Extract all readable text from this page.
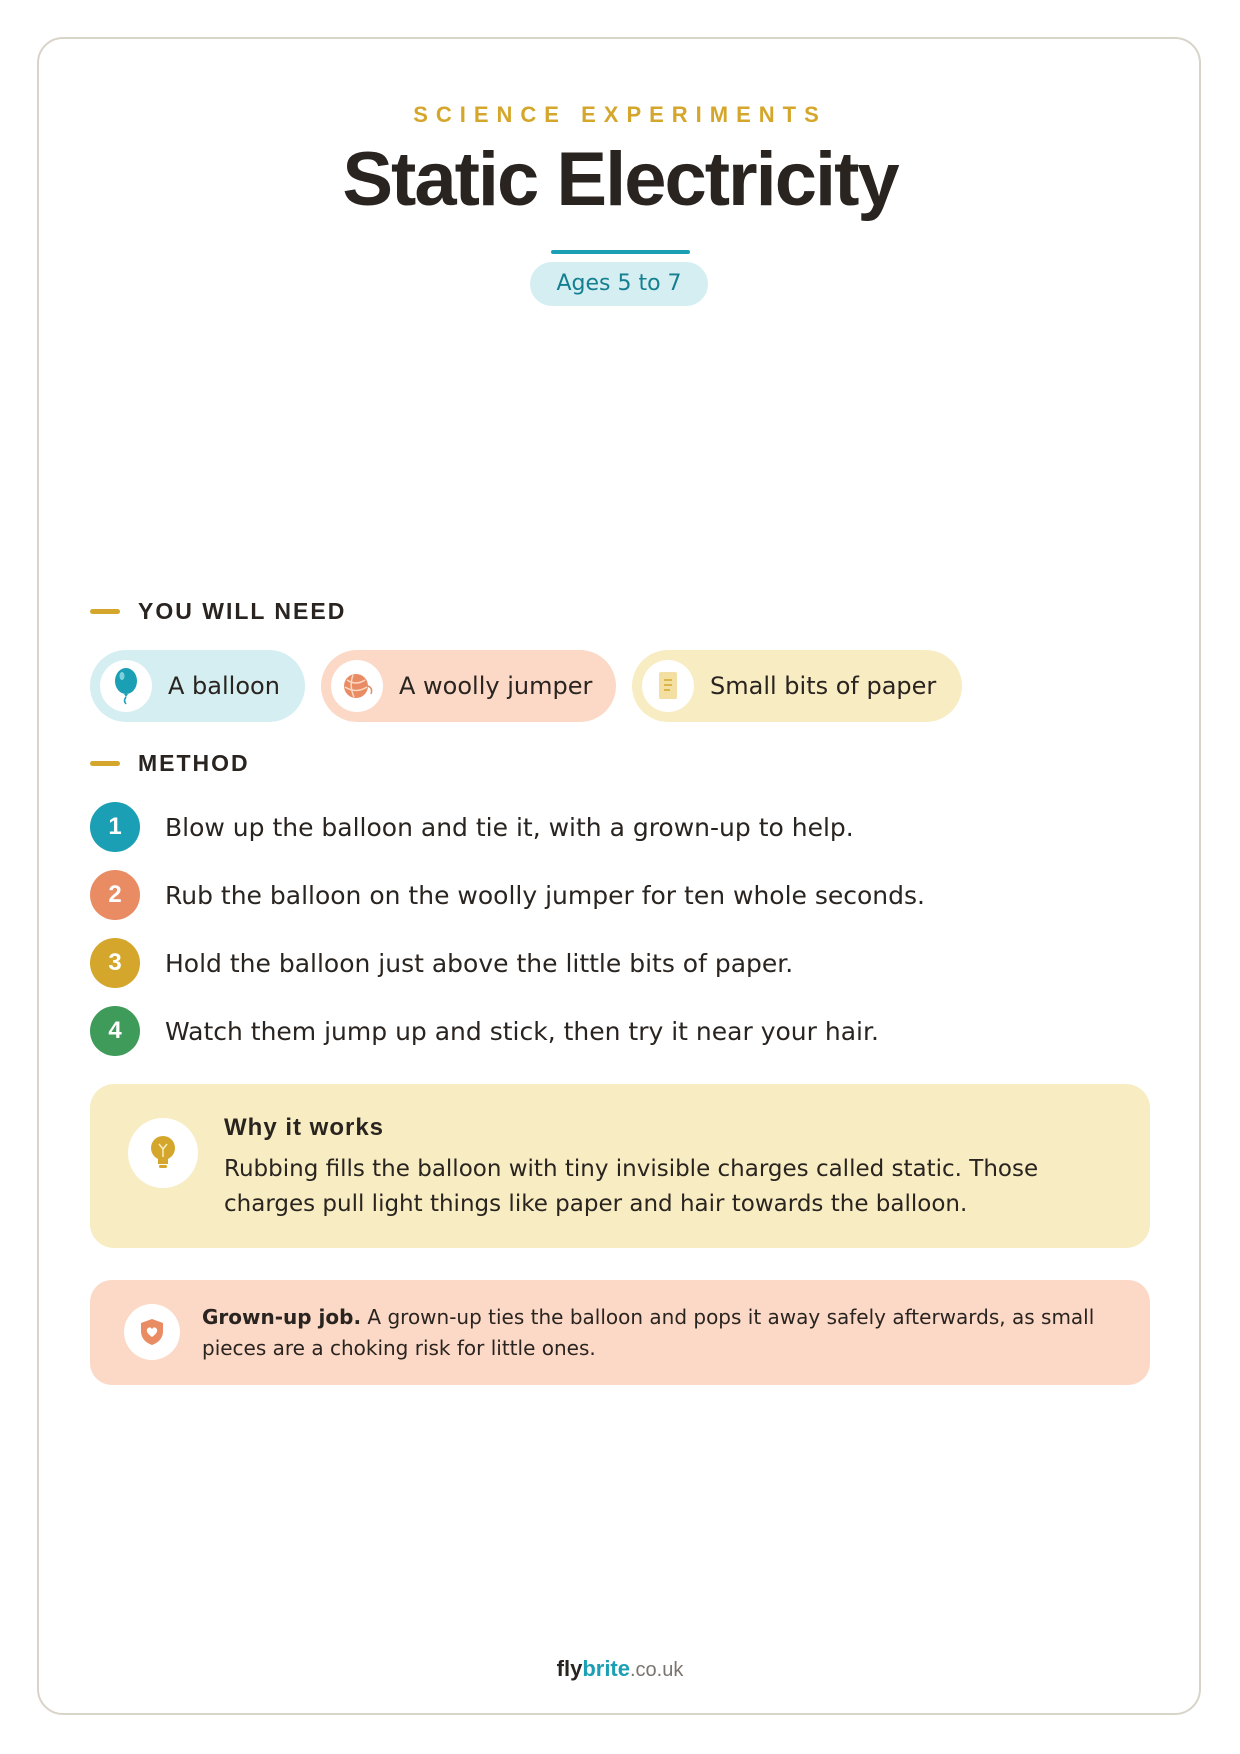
SCIENCE EXPERIMENTS
Static Electricity
Ages 5 to 7
YOU WILL NEED
A balloon	A woolly jumper	Small bits of paper
METHOD
1	Blow up the balloon and tie it, with a grown-up to help.
2	Rub the balloon on the woolly jumper for ten whole seconds.
3	Hold the balloon just above the little bits of paper.
4	Watch them jump up and stick, then try it near your hair.
Why it works
Rubbing fills the balloon with tiny invisible charges called static. Those charges pull light things like paper and hair towards the balloon.
Grown-up job. A grown-up ties the balloon and pops it away safely afterwards, as small pieces are a choking risk for little ones.
flybrite.co.uk
